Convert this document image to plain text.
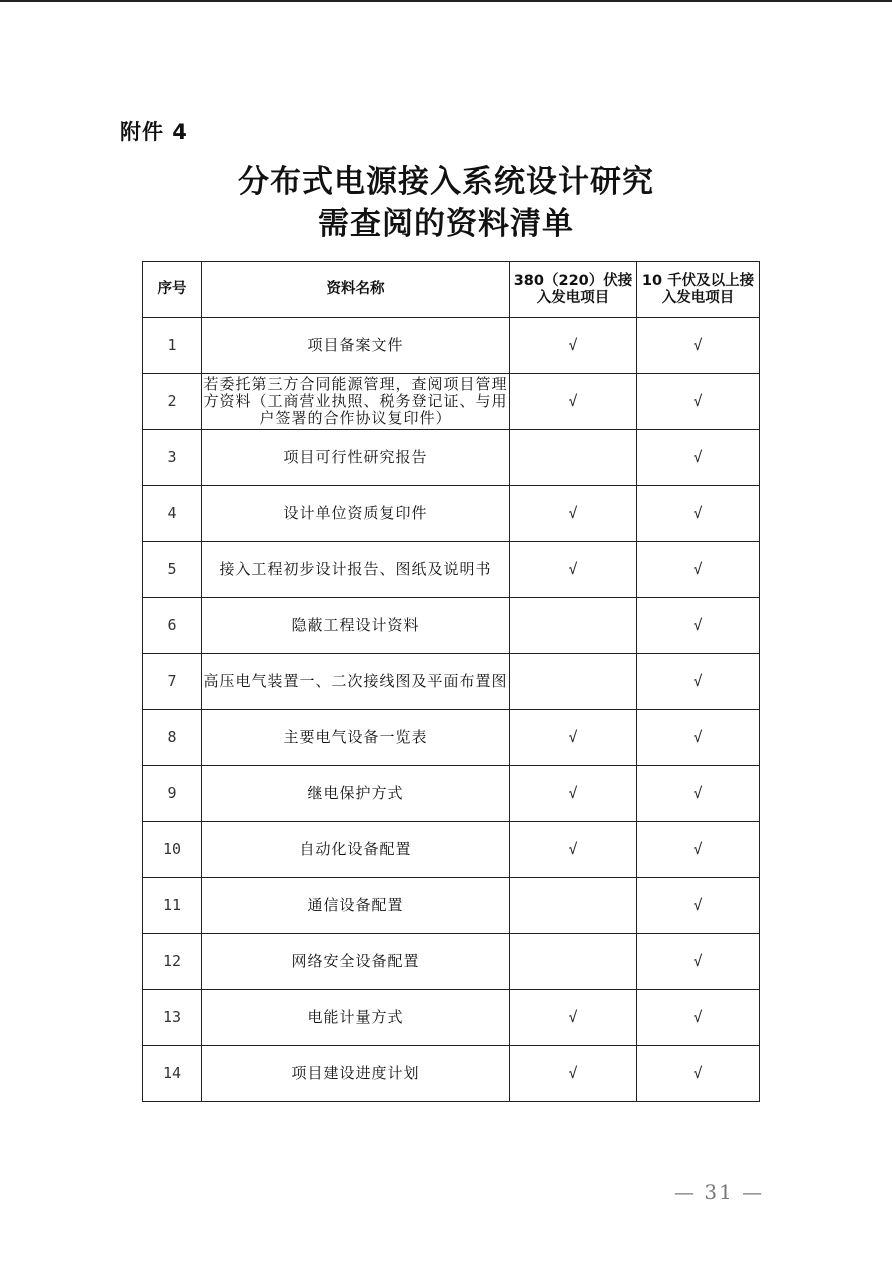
附件 4
分布式电源接入系统设计研究
需查阅的资料清单
序号	资料名称	380（220）伏接入发电项目	10 千伏及以上接入发电项目
1	项目备案文件	√	√
2	若委托第三方合同能源管理，查阅项目管理方资料（工商营业执照、税务登记证、与用户签署的合作协议复印件）	√	√
3	项目可行性研究报告		√
4	设计单位资质复印件	√	√
5	接入工程初步设计报告、图纸及说明书	√	√
6	隐蔽工程设计资料		√
7	高压电气装置一、二次接线图及平面布置图		√
8	主要电气设备一览表	√	√
9	继电保护方式	√	√
10	自动化设备配置	√	√
11	通信设备配置		√
12	网络安全设备配置		√
13	电能计量方式	√	√
14	项目建设进度计划	√	√
— 31 —
